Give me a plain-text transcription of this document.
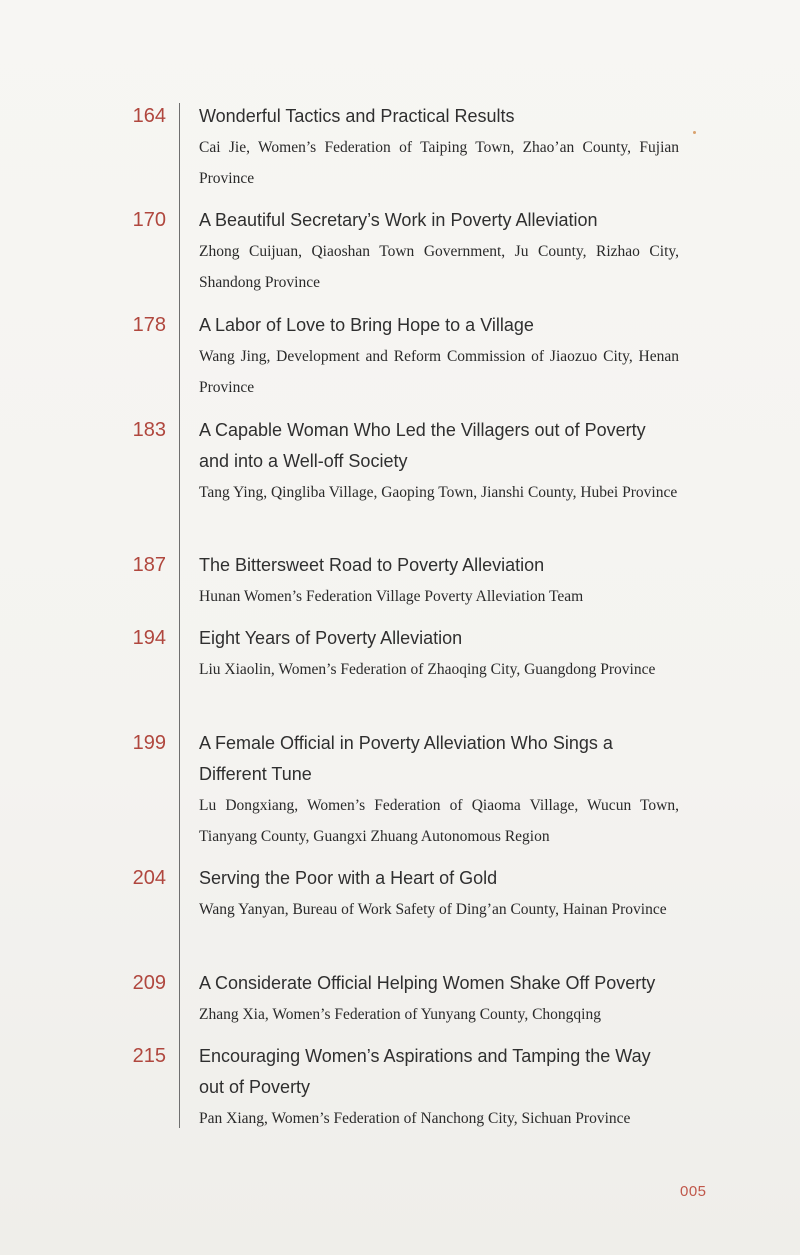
164 Wonderful Tactics and Practical Results

Cai Jie, Women’s Federation of Taiping Town, Zhao’an County, Fujian Province

170 A Beautiful Secretary’s Work in Poverty Alleviation

Zhong Cuijuan, Qiaoshan Town Government, Ju County, Rizhao City, Shandong Province

178 A Labor of Love to Bring Hope to a Village

Wang Jing, Development and Reform Commission of Jiaozuo City, Henan Province

183 A Capable Woman Who Led the Villagers out of Poverty and into a Well-off Society

Tang Ying, Qingliba Village, Gaoping Town, Jianshi County, Hubei Province

187 The Bittersweet Road to Poverty Alleviation

Hunan Women’s Federation Village Poverty Alleviation Team

194 Eight Years of Poverty Alleviation

Liu Xiaolin, Women’s Federation of Zhaoqing City, Guangdong Province

199 A Female Official in Poverty Alleviation Who Sings a Different Tune

Lu Dongxiang, Women’s Federation of Qiaoma Village, Wucun Town, Tianyang County, Guangxi Zhuang Autonomous Region

204 Serving the Poor with a Heart of Gold

Wang Yanyan, Bureau of Work Safety of Ding’an County, Hainan Province

209 A Considerate Official Helping Women Shake Off Poverty

Zhang Xia, Women’s Federation of Yunyang County, Chongqing

215 Encouraging Women’s Aspirations and Tamping the Way out of Poverty

Pan Xiang, Women’s Federation of Nanchong City, Sichuan Province

005
